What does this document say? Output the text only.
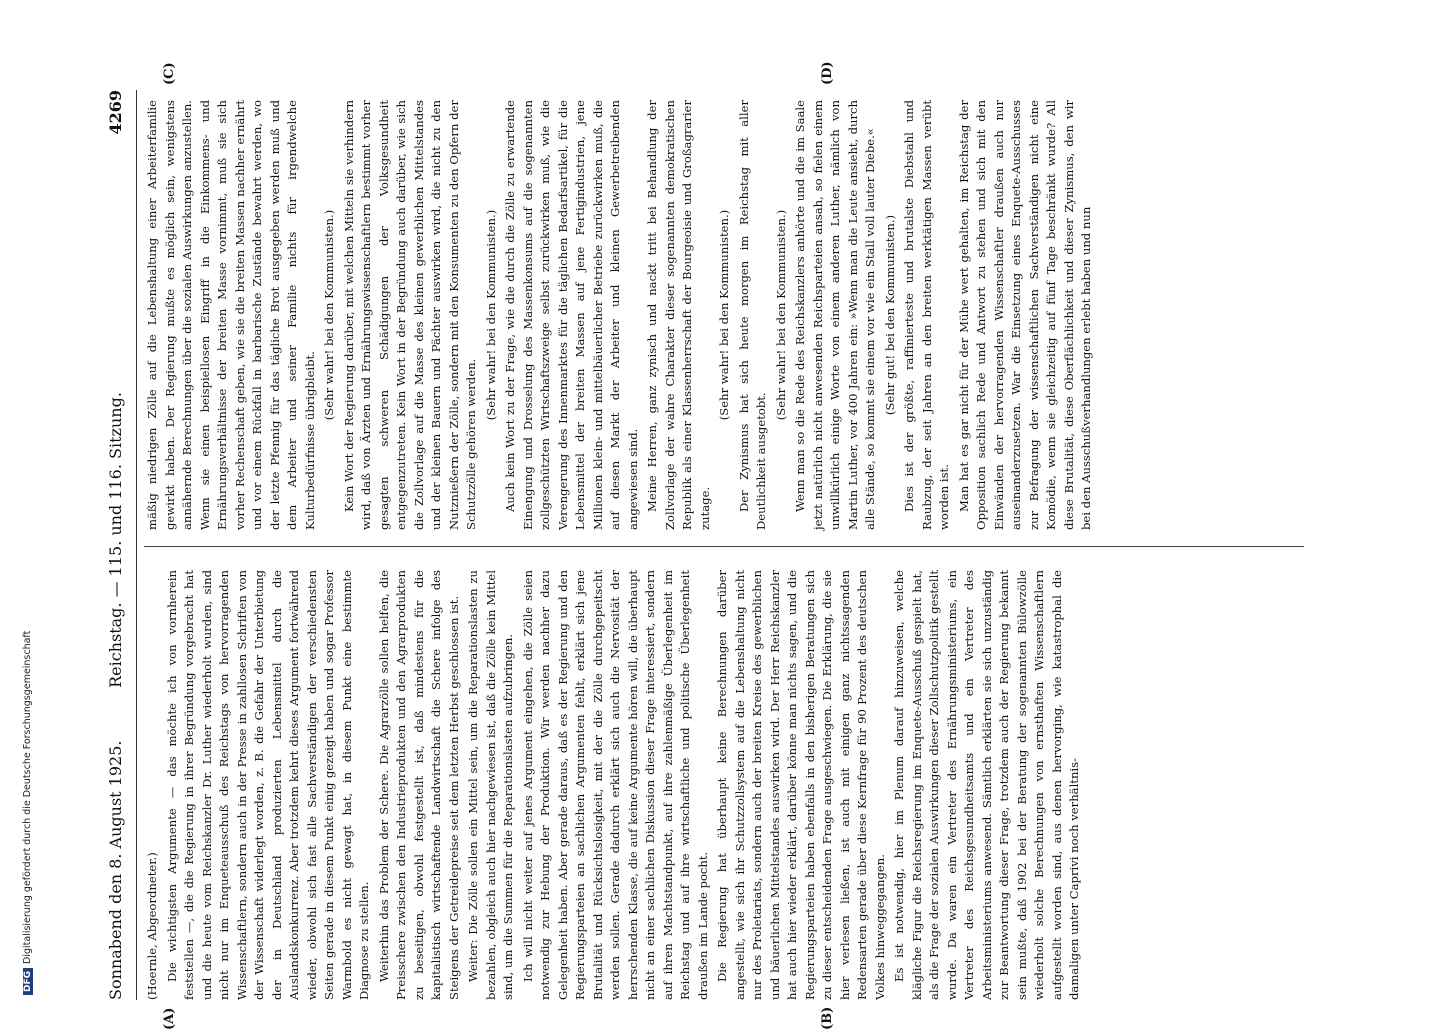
Sonnabend den 8. August 1925.
Reichstag. — 115. und 116. Sitzung.
4269
(A)	(B)
(C)	(D)

(Hoernle, Abgeordneter.) Die wichtigsten Argumente — das möchte ich von vornherein feststellen —, die die Regierung in ihrer Begründung vorgebracht hat und die heute vom Reichskanzler Dr. Luther wiederholt wurden, sind nicht nur im Enqueteausschuß des Reichstags von hervorragenden Wissenschaftlern, sondern auch in der Presse in zahllosen Schriften von der Wissenschaft widerlegt worden, z. B. die Gefahr der Unterbietung der in Deutschland produzierten Lebensmittel durch die Auslandskonkurrenz. Aber trotzdem kehrt dieses Argument fortwährend wieder, obwohl sich fast alle Sachverständigen der verschiedensten Seiten gerade in diesem Punkt einig gezeigt haben und sogar Professor Warmbold es nicht gewagt hat, in diesem Punkt eine bestimmte Diagnose zu stellen. Weiterhin das Problem der Schere. Die Agrarzölle sollen helfen, die Preisschere zwischen den Industrieprodukten und den Agrarprodukten zu beseitigen, obwohl festgestellt ist, daß mindestens für die kapitalistisch wirtschaftende Landwirtschaft die Schere infolge des Steigens der Getreidepreise seit dem letzten Herbst geschlossen ist. Weiter: Die Zölle sollen ein Mittel sein, um die Reparationslasten zu bezahlen, obgleich auch hier nachgewiesen ist, daß die Zölle kein Mittel sind, um die Summen für die Reparationslasten aufzubringen. Ich will nicht weiter auf jenes Argument eingehen, die Zölle seien notwendig zur Hebung der Produktion. Wir werden nachher dazu Gelegenheit haben. Aber gerade daraus, daß es der Regierung und den Regierungsparteien an sachlichen Argumenten fehlt, erklärt sich jene Brutalität und Rücksichtslosigkeit, mit der die Zölle durchgepeitscht werden sollen. Gerade dadurch erklärt sich auch die Nervosität der herrschenden Klasse, die auf keine Argumente hören will, die überhaupt nicht an einer sachlichen Diskussion dieser Frage interessiert, sondern auf ihren Machtstandpunkt, auf ihre zahlenmäßige Überlegenheit im Reichstag und auf ihre wirtschaftliche und politische Überlegenheit draußen im Lande pocht. Die Regierung hat überhaupt keine Berechnungen darüber angestellt, wie sich ihr Schutzzollsystem auf die Lebenshaltung nicht nur des Proletariats, sondern auch der breiten Kreise des gewerblichen und bäuerlichen Mittelstandes auswirken wird. Der Herr Reichskanzler hat auch hier wieder erklärt, darüber könne man nichts sagen, und die Regierungsparteien haben ebenfalls in den bisherigen Beratungen sich zu dieser entscheidenden Frage ausgeschwiegen. Die Erklärung, die sie hier verlesen ließen, ist auch mit einigen ganz nichtssagenden Redensarten gerade über diese Kernfrage für 90 Prozent des deutschen Volkes hinweggegangen. Es ist notwendig, hier im Plenum darauf hinzuweisen, welche klägliche Figur die Reichsregierung im Enquete-Ausschuß gespielt hat, als die Frage der sozialen Auswirkungen dieser Zollschutzpolitik gestellt wurde. Da waren ein Vertreter des Ernährungsministeriums, ein Vertreter des Reichsgesundheitsamts und ein Vertreter des Arbeitsministeriums anwesend. Sämtlich erklärten sie sich unzuständig zur Beantwortung dieser Frage, trotzdem auch der Regierung bekannt sein mußte, daß 1902 bei der Beratung der sogenannten Bülowzölle wiederholt solche Berechnungen von ernsthaften Wissenschaftlern aufgestellt worden sind, aus denen hervorging, wie katastrophal die damaligen unter Caprivi noch verhältnis-

mäßig niedrigen Zölle auf die Lebenshaltung einer Arbeiterfamilie gewirkt haben. Der Regierung mußte es möglich sein, wenigstens annähernde Berechnungen über die sozialen Auswirkungen anzustellen. Wenn sie einen beispiellosen Eingriff in die Einkommens- und Ernährungsverhältnisse der breiten Masse vornimmt, muß sie sich vorher Rechenschaft geben, wie sie die breiten Massen nachher ernährt und vor einem Rückfall in barbarische Zustände bewahrt werden, wo der letzte Pfennig für das tägliche Brot ausgegeben werden muß und dem Arbeiter und seiner Familie nichts für irgendwelche Kulturbedürfnisse übrigbleibt.

(Sehr wahr! bei den Kommunisten.) Kein Wort der Regierung darüber, mit welchen Mitteln sie verhindern wird, daß von Ärzten und Ernährungswissenschaftlern bestimmt vorher gesagten schweren Schädigungen der Volksgesundheit entgegenzutreten. Kein Wort in der Begründung auch darüber, wie sich die Zollvorlage auf die Masse des kleinen gewerblichen Mittelstandes und der kleinen Bauern und Pächter auswirken wird, die nicht zu den Nutznießern der Zölle, sondern mit den Konsumenten zu den Opfern der Schutzzölle gehören werden.

(Sehr wahr! bei den Kommunisten.) Auch kein Wort zu der Frage, wie die durch die Zölle zu erwartende Einengung und Drosselung des Massenkonsums auf die sogenannten zollgeschützten Wirtschaftszweige selbst zurückwirken muß, wie die Verengerung des Innenmarktes für die täglichen Bedarfsartikel, für die Lebensmittel der breiten Massen auf jene Fertigindustrien, jene Millionen klein- und mittelbäuerlicher Betriebe zurückwirken muß, die auf diesen Markt der Arbeiter und kleinen Gewerbetreibenden angewiesen sind. Meine Herren, ganz zynisch und nackt tritt bei Behandlung der Zollvorlage der wahre Charakter dieser sogenannten demokratischen Republik als einer Klassenherrschaft der Bourgeoisie und Großagrarier zutage.

(Sehr wahr! bei den Kommunisten.) Der Zynismus hat sich heute morgen im Reichstag mit aller Deutlichkeit ausgetobt.

(Sehr wahr! bei den Kommunisten.) Wenn man so die Rede des Reichskanzlers anhörte und die im Saale jetzt natürlich nicht anwesenden Reichsparteien ansah, so fielen einem unwillkürlich einige Worte von einem anderen Luther, nämlich von Martin Luther, vor 400 Jahren ein: »Wenn man die Leute ansieht, durch alle Stände, so kommt sie einem vor wie ein Stall voll lauter Diebe.« (Sehr gut! bei den Kommunisten.) Dies ist der größte, raffinierteste und brutalste Diebstahl und Raubzug, der seit Jahren an den breiten werktätigen Massen verübt worden ist. Man hat es gar nicht für der Mühe wert gehalten, im Reichstag der Opposition sachlich Rede und Antwort zu stehen und sich mit den Einwänden der hervorragenden Wissenschaftler draußen auch nur auseinanderzusetzen. War die Einsetzung eines Enquete-Ausschusses zur Befragung der wissenschaftlichen Sachverständigen nicht eine Komödie, wenn sie gleichzeitig auf fünf Tage beschränkt wurde? All diese Brutalität, diese Oberflächlichkeit und dieser Zynismus, den wir bei den Ausschußverhandlungen erlebt haben und nun

DFGDigitalisierung gefördert durch die Deutsche Forschungsgemeinschaft
